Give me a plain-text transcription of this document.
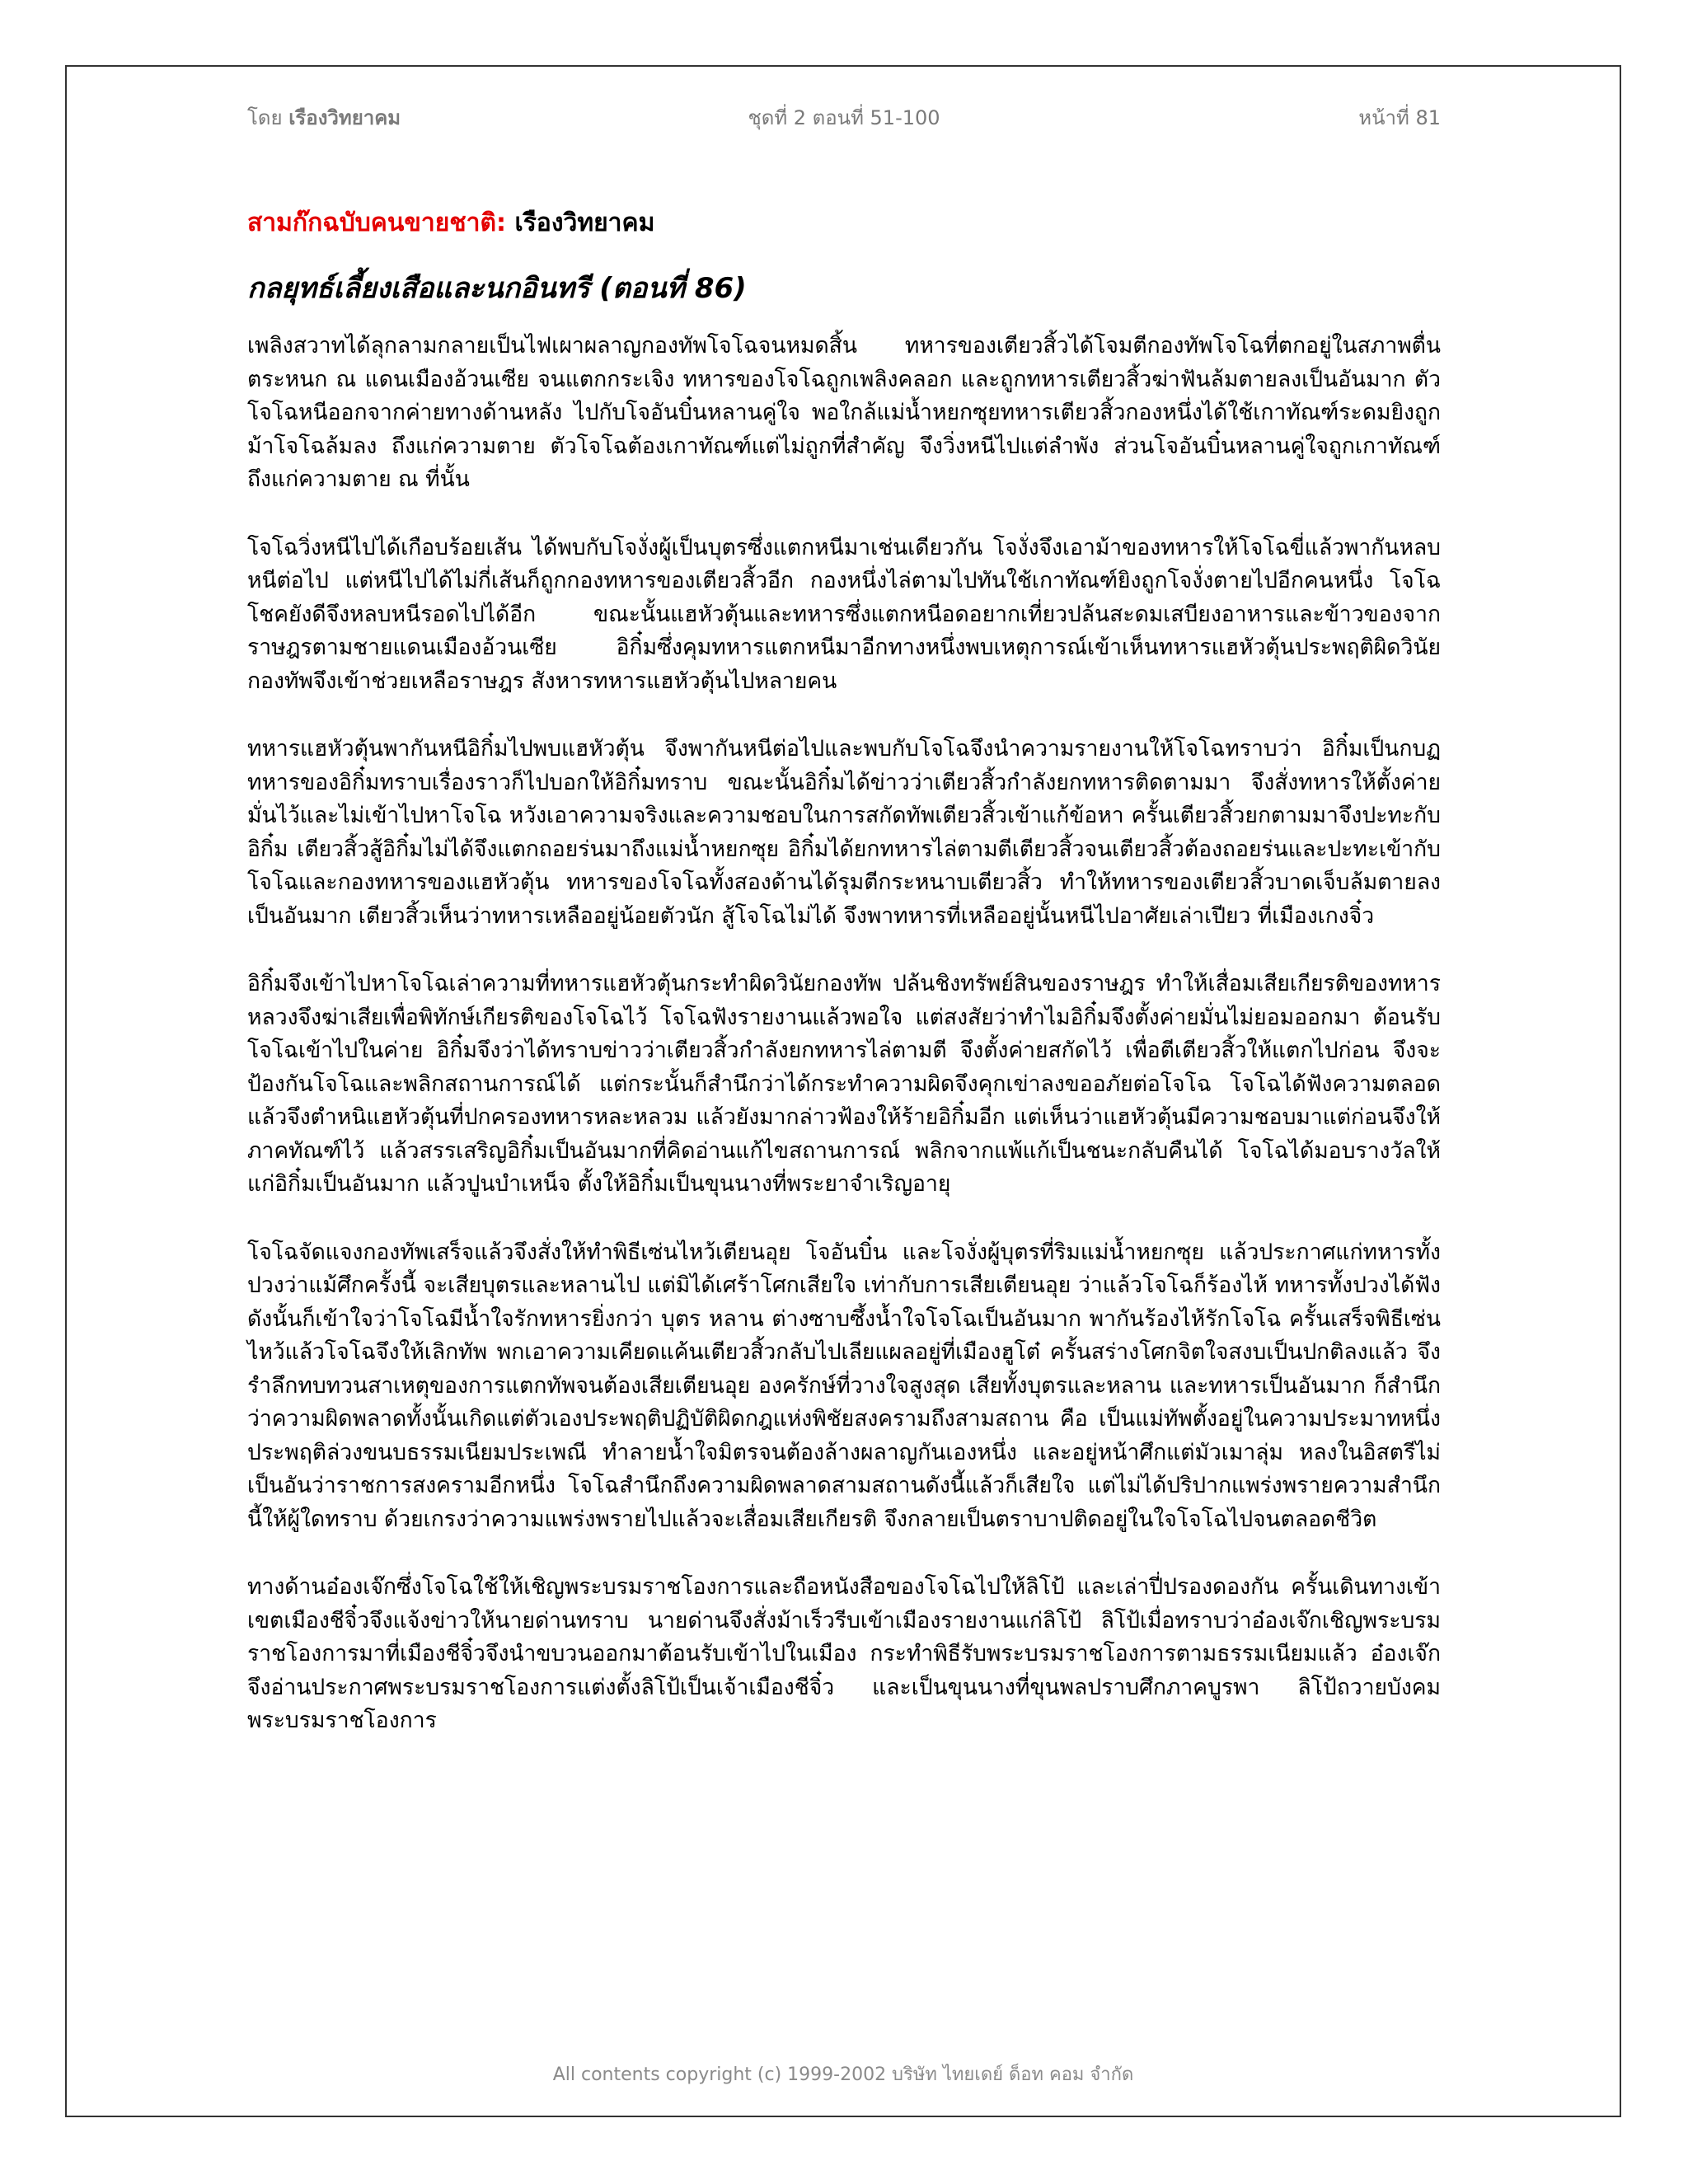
โดย เรืองวิทยาคม	ชุดที่ 2 ตอนที่ 51-100	หน้าที่ 81
สามก๊กฉบับคนขายชาติ: เรืองวิทยาคม
กลยุทธ์เลี้ยงเสือและนกอินทรี (ตอนที่ 86)

เพลิงสวาทได้ลุกลามกลายเป็นไฟเผาผลาญกองทัพโจโฉจนหมดสิ้น ทหารของเตียวสิ้วได้โจมตีกองทัพโจโฉที่ตกอยู่ในสภาพตื่นตระหนก ณ แดนเมืองอ้วนเซีย จนแตกกระเจิง ทหารของโจโฉถูกเพลิงคลอก และถูกทหารเตียวสิ้วฆ่าฟันล้มตายลงเป็นอันมาก ตัวโจโฉหนีออกจากค่ายทางด้านหลัง ไปกับโจอันบิ๋นหลานคู่ใจ พอใกล้แม่น้ำหยกซุยทหารเตียวสิ้วกองหนึ่งได้ใช้เกาทัณฑ์ระดมยิงถูกม้าโจโฉล้มลง ถึงแก่ความตาย ตัวโจโฉต้องเกาทัณฑ์แต่ไม่ถูกที่สำคัญ จึงวิ่งหนีไปแต่ลำพัง ส่วนโจอันบิ๋นหลานคู่ใจถูกเกาทัณฑ์ถึงแก่ความตาย ณ ที่นั้น

โจโฉวิ่งหนีไปได้เกือบร้อยเส้น ได้พบกับโจงั่งผู้เป็นบุตรซึ่งแตกหนีมาเช่นเดียวกัน โจงั่งจึงเอาม้าของทหารให้โจโฉขี่แล้วพากันหลบหนีต่อไป แต่หนีไปได้ไม่กี่เส้นก็ถูกกองทหารของเตียวสิ้วอีก กองหนึ่งไล่ตามไปทันใช้เกาทัณฑ์ยิงถูกโจงั่งตายไปอีกคนหนึ่ง โจโฉ โชคยังดีจึงหลบหนีรอดไปได้อีก ขณะนั้นแฮหัวตุ้นและทหารซึ่งแตกหนีอดอยากเที่ยวปล้นสะดมเสบียงอาหารและข้าวของจากราษฎรตามชายแดนเมืองอ้วนเซีย อิกิ๋มซึ่งคุมทหารแตกหนีมาอีกทางหนึ่งพบเหตุการณ์เข้าเห็นทหารแฮหัวตุ้นประพฤติผิดวินัย กองทัพจึงเข้าช่วยเหลือราษฎร สังหารทหารแฮหัวตุ้นไปหลายคน

ทหารแฮหัวตุ้นพากันหนีอิกิ๋มไปพบแฮหัวตุ้น จึงพากันหนีต่อไปและพบกับโจโฉจึงนำความรายงานให้โจโฉทราบว่า อิกิ๋มเป็นกบฏ ทหารของอิกิ๋มทราบเรื่องราวก็ไปบอกให้อิกิ๋มทราบ ขณะนั้นอิกิ๋มได้ข่าวว่าเตียวสิ้วกำลังยกทหารติดตามมา จึงสั่งทหารให้ตั้งค่ายมั่นไว้และไม่เข้าไปหาโจโฉ หวังเอาความจริงและความชอบในการสกัดทัพเตียวสิ้วเข้าแก้ข้อหา ครั้นเตียวสิ้วยกตามมาจึงปะทะกับอิกิ๋ม เตียวสิ้วสู้อิกิ๋มไม่ได้จึงแตกถอยร่นมาถึงแม่น้ำหยกซุย อิกิ๋มได้ยกทหารไล่ตามตีเตียวสิ้วจนเตียวสิ้วต้องถอยร่นและปะทะเข้ากับโจโฉและกองทหารของแฮหัวตุ้น ทหารของโจโฉทั้งสองด้านได้รุมตีกระหนาบเตียวสิ้ว ทำให้ทหารของเตียวสิ้วบาดเจ็บล้มตายลงเป็นอันมาก เตียวสิ้วเห็นว่าทหารเหลืออยู่น้อยตัวนัก สู้โจโฉไม่ได้ จึงพาทหารที่เหลืออยู่นั้นหนีไปอาศัยเล่าเปียว ที่เมืองเกงจิ๋ว

อิกิ๋มจึงเข้าไปหาโจโฉเล่าความที่ทหารแฮหัวตุ้นกระทำผิดวินัยกองทัพ ปล้นชิงทรัพย์สินของราษฎร ทำให้เสื่อมเสียเกียรติของทหารหลวงจึงฆ่าเสียเพื่อพิทักษ์เกียรติของโจโฉไว้ โจโฉฟังรายงานแล้วพอใจ แต่สงสัยว่าทำไมอิกิ๋มจึงตั้งค่ายมั่นไม่ยอมออกมา ต้อนรับโจโฉเข้าไปในค่าย อิกิ๋มจึงว่าได้ทราบข่าวว่าเตียวสิ้วกำลังยกทหารไล่ตามตี จึงตั้งค่ายสกัดไว้ เพื่อตีเตียวสิ้วให้แตกไปก่อน จึงจะป้องกันโจโฉและพลิกสถานการณ์ได้ แต่กระนั้นก็สำนึกว่าได้กระทำความผิดจึงคุกเข่าลงขออภัยต่อโจโฉ โจโฉได้ฟังความตลอดแล้วจึงตำหนิแฮหัวตุ้นที่ปกครองทหารหละหลวม แล้วยังมากล่าวฟ้องให้ร้ายอิกิ๋มอีก แต่เห็นว่าแฮหัวตุ้นมีความชอบมาแต่ก่อนจึงให้ภาคทัณฑ์ไว้ แล้วสรรเสริญอิกิ๋มเป็นอันมากที่คิดอ่านแก้ไขสถานการณ์ พลิกจากแพ้แก้เป็นชนะกลับคืนได้ โจโฉได้มอบรางวัลให้แก่อิกิ๋มเป็นอันมาก แล้วปูนบำเหน็จ ตั้งให้อิกิ๋มเป็นขุนนางที่พระยาจำเริญอายุ

โจโฉจัดแจงกองทัพเสร็จแล้วจึงสั่งให้ทำพิธีเซ่นไหว้เตียนอุย โจอันบิ๋น และโจงั่งผู้บุตรที่ริมแม่น้ำหยกซุย แล้วประกาศแก่ทหารทั้งปวงว่าแม้ศึกครั้งนี้ จะเสียบุตรและหลานไป แต่มิได้เศร้าโศกเสียใจ เท่ากับการเสียเตียนอุย ว่าแล้วโจโฉก็ร้องไห้ ทหารทั้งปวงได้ฟังดังนั้นก็เข้าใจว่าโจโฉมีน้ำใจรักทหารยิ่งกว่า บุตร หลาน ต่างซาบซึ้งน้ำใจโจโฉเป็นอันมาก พากันร้องไห้รักโจโฉ ครั้นเสร็จพิธีเซ่นไหว้แล้วโจโฉจึงให้เลิกทัพ พกเอาความเคียดแค้นเตียวสิ้วกลับไปเลียแผลอยู่ที่เมืองฮูโต๋ ครั้นสร่างโศกจิตใจสงบเป็นปกติลงแล้ว จึงรำลึกทบทวนสาเหตุของการแตกทัพจนต้องเสียเตียนอุย องครักษ์ที่วางใจสูงสุด เสียทั้งบุตรและหลาน และทหารเป็นอันมาก ก็สำนึกว่าความผิดพลาดทั้งนั้นเกิดแต่ตัวเองประพฤติปฏิบัติผิดกฎแห่งพิชัยสงครามถึงสามสถาน คือ เป็นแม่ทัพตั้งอยู่ในความประมาทหนึ่ง ประพฤติล่วงขนบธรรมเนียมประเพณี ทำลายน้ำใจมิตรจนต้องล้างผลาญกันเองหนึ่ง และอยู่หน้าศึกแต่มัวเมาลุ่ม หลงในอิสตรีไม่เป็นอันว่าราชการสงครามอีกหนึ่ง โจโฉสำนึกถึงความผิดพลาดสามสถานดังนี้แล้วก็เสียใจ แต่ไม่ได้ปริปากแพร่งพรายความสำนึกนี้ให้ผู้ใดทราบ ด้วยเกรงว่าความแพร่งพรายไปแล้วจะเสื่อมเสียเกียรติ จึงกลายเป็นตราบาปติดอยู่ในใจโจโฉไปจนตลอดชีวิต

ทางด้านอ๋องเจ๊กซึ่งโจโฉใช้ให้เชิญพระบรมราชโองการและถือหนังสือของโจโฉไปให้ลิโป้ และเล่าปี่ปรองดองกัน ครั้นเดินทางเข้าเขตเมืองชีจิ๋วจึงแจ้งข่าวให้นายด่านทราบ นายด่านจึงสั่งม้าเร็วรีบเข้าเมืองรายงานแก่ลิโป้ ลิโป้เมื่อทราบว่าอ๋องเจ๊กเชิญพระบรมราชโองการมาที่เมืองชีจิ๋วจึงนำขบวนออกมาต้อนรับเข้าไปในเมือง กระทำพิธีรับพระบรมราชโองการตามธรรมเนียมแล้ว อ๋องเจ๊กจึงอ่านประกาศพระบรมราชโองการแต่งตั้งลิโป้เป็นเจ้าเมืองชีจิ๋ว และเป็นขุนนางที่ขุนพลปราบศึกภาคบูรพา ลิโป้ถวายบังคมพระบรมราชโองการ

All contents copyright (c) 1999-2002 บริษัท ไทยเดย์ ด็อท คอม จำกัด
